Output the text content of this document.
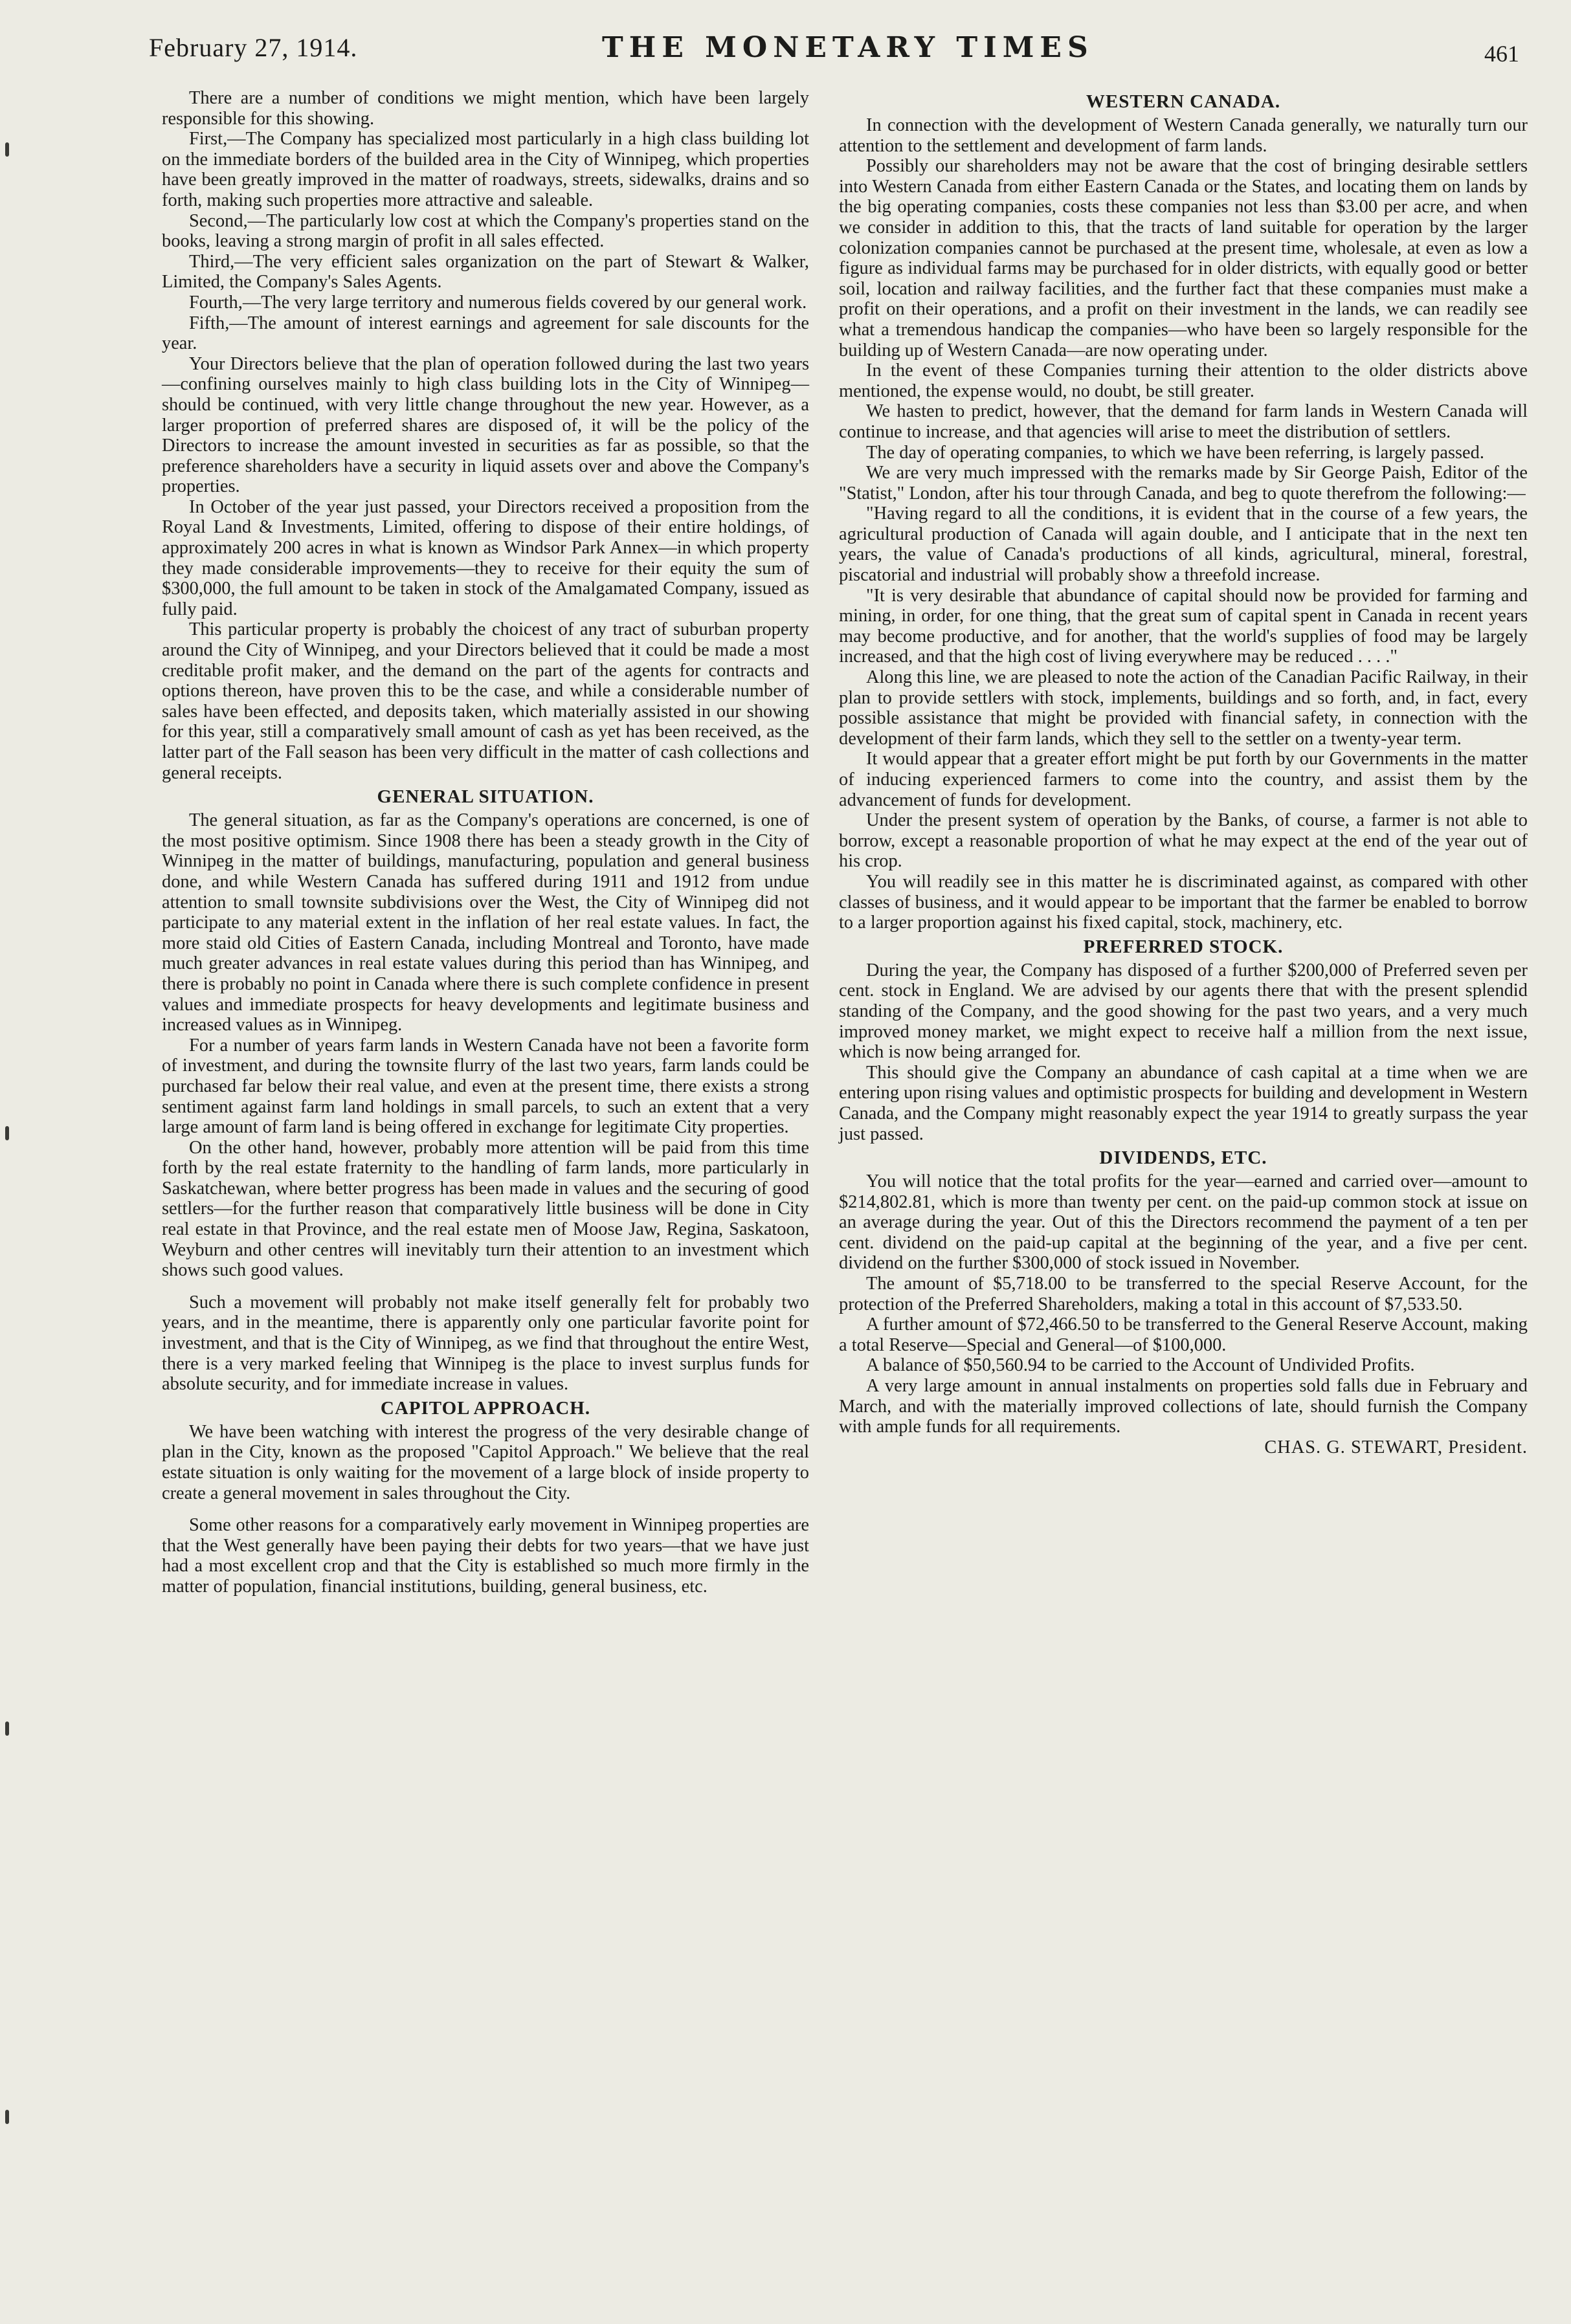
February 27, 1914.	THE MONETARY TIMES	461

There are a number of conditions we might mention, which have been largely responsible for this showing.

First,—The Company has specialized most particularly in a high class building lot on the immediate borders of the builded area in the City of Winnipeg, which properties have been greatly improved in the matter of roadways, streets, sidewalks, drains and so forth, making such properties more attractive and saleable.

Second,—The particularly low cost at which the Company's properties stand on the books, leaving a strong margin of profit in all sales effected.

Third,—The very efficient sales organization on the part of Stewart & Walker, Limited, the Company's Sales Agents.

Fourth,—The very large territory and numerous fields covered by our general work.

Fifth,—The amount of interest earnings and agreement for sale discounts for the year.

Your Directors believe that the plan of operation followed during the last two years—confining ourselves mainly to high class building lots in the City of Winnipeg—should be continued, with very little change throughout the new year. However, as a larger proportion of preferred shares are disposed of, it will be the policy of the Directors to increase the amount invested in securities as far as possible, so that the preference shareholders have a security in liquid assets over and above the Company's properties.

In October of the year just passed, your Directors received a proposition from the Royal Land & Investments, Limited, offering to dispose of their entire holdings, of approximately 200 acres in what is known as Windsor Park Annex—in which property they made considerable improvements—they to receive for their equity the sum of $300,000, the full amount to be taken in stock of the Amalgamated Company, issued as fully paid.

This particular property is probably the choicest of any tract of suburban property around the City of Winnipeg, and your Directors believed that it could be made a most creditable profit maker, and the demand on the part of the agents for contracts and options thereon, have proven this to be the case, and while a considerable number of sales have been effected, and deposits taken, which materially assisted in our showing for this year, still a comparatively small amount of cash as yet has been received, as the latter part of the Fall season has been very difficult in the matter of cash collections and general receipts.

GENERAL SITUATION.

The general situation, as far as the Company's operations are concerned, is one of the most positive optimism. Since 1908 there has been a steady growth in the City of Winnipeg in the matter of buildings, manufacturing, population and general business done, and while Western Canada has suffered during 1911 and 1912 from undue attention to small townsite subdivisions over the West, the City of Winnipeg did not participate to any material extent in the inflation of her real estate values. In fact, the more staid old Cities of Eastern Canada, including Montreal and Toronto, have made much greater advances in real estate values during this period than has Winnipeg, and there is probably no point in Canada where there is such complete confidence in present values and immediate prospects for heavy developments and legitimate business and increased values as in Winnipeg.

For a number of years farm lands in Western Canada have not been a favorite form of investment, and during the townsite flurry of the last two years, farm lands could be purchased far below their real value, and even at the present time, there exists a strong sentiment against farm land holdings in small parcels, to such an extent that a very large amount of farm land is being offered in exchange for legitimate City properties.

On the other hand, however, probably more attention will be paid from this time forth by the real estate fraternity to the handling of farm lands, more particularly in Saskatchewan, where better progress has been made in values and the securing of good settlers—for the further reason that comparatively little business will be done in City real estate in that Province, and the real estate men of Moose Jaw, Regina, Saskatoon, Weyburn and other centres will inevitably turn their attention to an investment which shows such good values.

Such a movement will probably not make itself generally felt for probably two years, and in the meantime, there is apparently only one particular favorite point for investment, and that is the City of Winnipeg, as we find that throughout the entire West, there is a very marked feeling that Winnipeg is the place to invest surplus funds for absolute security, and for immediate increase in values.

CAPITOL APPROACH.

We have been watching with interest the progress of the very desirable change of plan in the City, known as the proposed "Capitol Approach." We believe that the real estate situation is only waiting for the movement of a large block of inside property to create a general movement in sales throughout the City.

Some other reasons for a comparatively early movement in Winnipeg properties are that the West generally have been paying their debts for two years—that we have just had a most excellent crop and that the City is established so much more firmly in the matter of population, financial institutions, building, general business, etc.

WESTERN CANADA.

In connection with the development of Western Canada generally, we naturally turn our attention to the settlement and development of farm lands.

Possibly our shareholders may not be aware that the cost of bringing desirable settlers into Western Canada from either Eastern Canada or the States, and locating them on lands by the big operating companies, costs these companies not less than $3.00 per acre, and when we consider in addition to this, that the tracts of land suitable for operation by the larger colonization companies cannot be purchased at the present time, wholesale, at even as low a figure as individual farms may be purchased for in older districts, with equally good or better soil, location and railway facilities, and the further fact that these companies must make a profit on their operations, and a profit on their investment in the lands, we can readily see what a tremendous handicap the companies—who have been so largely responsible for the building up of Western Canada—are now operating under.

In the event of these Companies turning their attention to the older districts above mentioned, the expense would, no doubt, be still greater.

We hasten to predict, however, that the demand for farm lands in Western Canada will continue to increase, and that agencies will arise to meet the distribution of settlers.

The day of operating companies, to which we have been referring, is largely passed.

We are very much impressed with the remarks made by Sir George Paish, Editor of the "Statist," London, after his tour through Canada, and beg to quote therefrom the following:—

"Having regard to all the conditions, it is evident that in the course of a few years, the agricultural production of Canada will again double, and I anticipate that in the next ten years, the value of Canada's productions of all kinds, agricultural, mineral, forestral, piscatorial and industrial will probably show a threefold increase.

"It is very desirable that abundance of capital should now be provided for farming and mining, in order, for one thing, that the great sum of capital spent in Canada in recent years may become productive, and for another, that the world's supplies of food may be largely increased, and that the high cost of living everywhere may be reduced . . . ."

Along this line, we are pleased to note the action of the Canadian Pacific Railway, in their plan to provide settlers with stock, implements, buildings and so forth, and, in fact, every possible assistance that might be provided with financial safety, in connection with the development of their farm lands, which they sell to the settler on a twenty-year term.

It would appear that a greater effort might be put forth by our Governments in the matter of inducing experienced farmers to come into the country, and assist them by the advancement of funds for development.

Under the present system of operation by the Banks, of course, a farmer is not able to borrow, except a reasonable proportion of what he may expect at the end of the year out of his crop.

You will readily see in this matter he is discriminated against, as compared with other classes of business, and it would appear to be important that the farmer be enabled to borrow to a larger proportion against his fixed capital, stock, machinery, etc.

PREFERRED STOCK.

During the year, the Company has disposed of a further $200,000 of Preferred seven per cent. stock in England. We are advised by our agents there that with the present splendid standing of the Company, and the good showing for the past two years, and a very much improved money market, we might expect to receive half a million from the next issue, which is now being arranged for.

This should give the Company an abundance of cash capital at a time when we are entering upon rising values and optimistic prospects for building and development in Western Canada, and the Company might reasonably expect the year 1914 to greatly surpass the year just passed.

DIVIDENDS, ETC.

You will notice that the total profits for the year—earned and carried over—amount to $214,802.81, which is more than twenty per cent. on the paid-up common stock at issue on an average during the year. Out of this the Directors recommend the payment of a ten per cent. dividend on the paid-up capital at the beginning of the year, and a five per cent. dividend on the further $300,000 of stock issued in November.

The amount of $5,718.00 to be transferred to the special Reserve Account, for the protection of the Preferred Shareholders, making a total in this account of $7,533.50.

A further amount of $72,466.50 to be transferred to the General Reserve Account, making a total Reserve—Special and General—of $100,000.

A balance of $50,560.94 to be carried to the Account of Undivided Profits.

A very large amount in annual instalments on properties sold falls due in February and March, and with the materially improved collections of late, should furnish the Company with ample funds for all requirements.

CHAS. G. STEWART, President.
